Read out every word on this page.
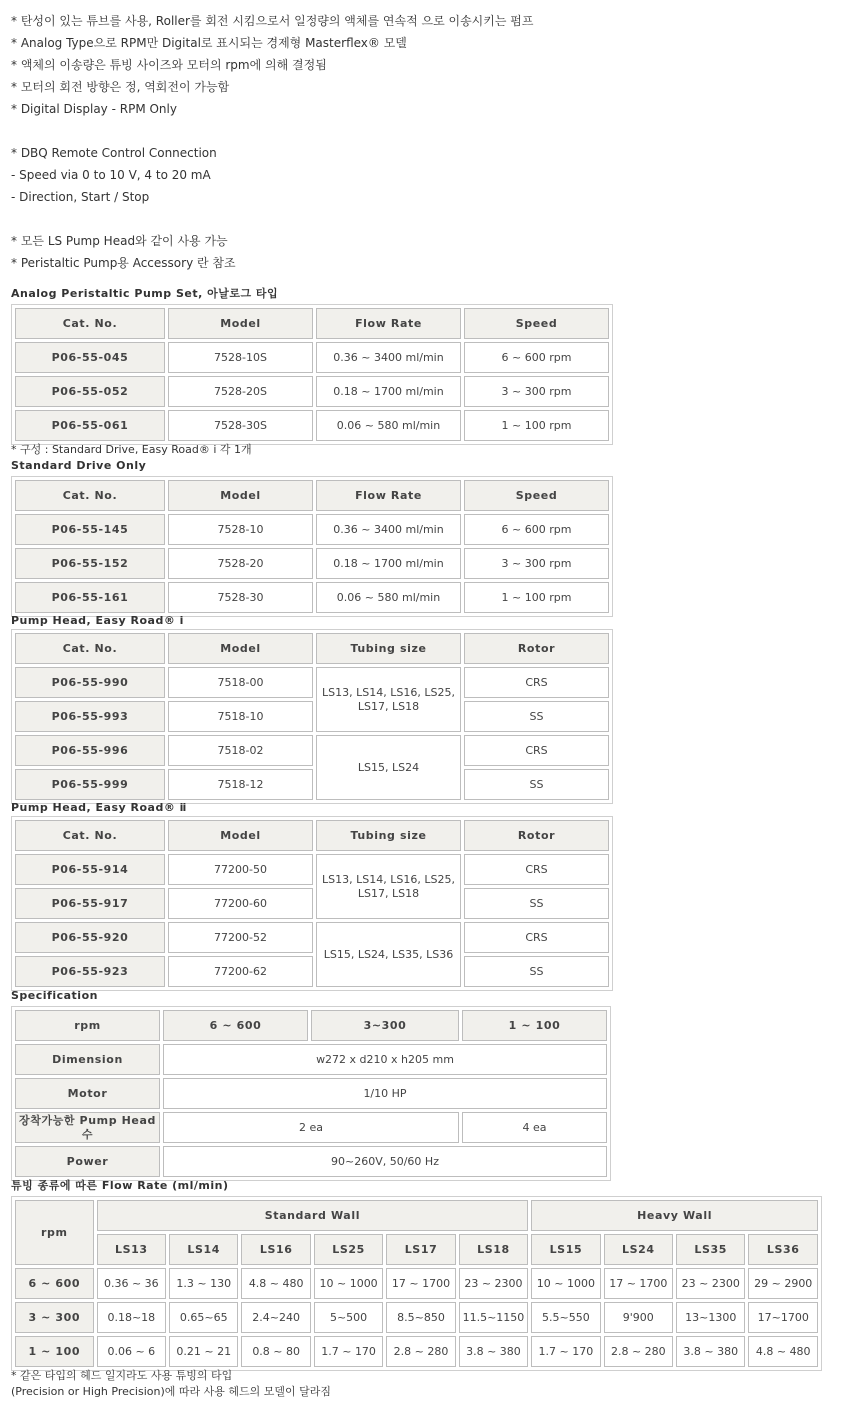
* 탄성이 있는 튜브를 사용, Roller를 회전 시킴으로서 일정량의 액체를 연속적 으로 이송시키는 펌프
* Analog Type으로 RPM만 Digital로 표시되는 경제형 Masterflex® 모델
* 액체의 이송량은 튜빙 사이즈와 모터의 rpm에 의해 결정됨
* 모터의 회전 방향은 정, 역회전이 가능함
* Digital Display - RPM Only
* DBQ Remote Control Connection
- Speed via 0 to 10 V, 4 to 20 mA
- Direction, Start / Stop
* 모든 LS Pump Head와 같이 사용 가능
* Peristaltic Pump용 Accessory 란 참조
Analog Peristaltic Pump Set, 아날로그 타입
Cat. No.	Model	Flow Rate	Speed
P06-55-045	7528-10S	0.36 ~ 3400 ml/min	6 ~ 600 rpm
P06-55-052	7528-20S	0.18 ~ 1700 ml/min	3 ~ 300 rpm
P06-55-061	7528-30S	0.06 ~ 580 ml/min	1 ~ 100 rpm
* 구성 : Standard Drive, Easy Road® ⅰ 각 1개
Standard Drive Only
Cat. No.	Model	Flow Rate	Speed
P06-55-145	7528-10	0.36 ~ 3400 ml/min	6 ~ 600 rpm
P06-55-152	7528-20	0.18 ~ 1700 ml/min	3 ~ 300 rpm
P06-55-161	7528-30	0.06 ~ 580 ml/min	1 ~ 100 rpm
Pump Head, Easy Road® ⅰ
Cat. No.	Model	Tubing size	Rotor
P06-55-990	7518-00	LS13, LS14, LS16, LS25, LS17, LS18	CRS
P06-55-993	7518-10		SS
P06-55-996	7518-02	LS15, LS24	CRS
P06-55-999	7518-12		SS
Pump Head, Easy Road® ⅱ
Cat. No.	Model	Tubing size	Rotor
P06-55-914	77200-50	LS13, LS14, LS16, LS25, LS17, LS18	CRS
P06-55-917	77200-60		SS
P06-55-920	77200-52	LS15, LS24, LS35, LS36	CRS
P06-55-923	77200-62		SS
Specification
rpm	6 ~ 600	3~300	1 ~ 100
Dimension	w272 x d210 x h205 mm		
Motor	1/10 HP		
장착가능한 Pump Head 수	2 ea		4 ea
Power	90~260V, 50/60 Hz		
튜빙 종류에 따른 Flow Rate (ml/min)
rpm	Standard Wall						Heavy Wall			
	LS13	LS14	LS16	LS25	LS17	LS18	LS15	LS24	LS35	LS36
6 ~ 600	0.36 ~ 36	1.3 ~ 130	4.8 ~ 480	10 ~ 1000	17 ~ 1700	23 ~ 2300	10 ~ 1000	17 ~ 1700	23 ~ 2300	29 ~ 2900
3 ~ 300	0.18~18	0.65~65	2.4~240	5~500	8.5~850	11.5~1150	5.5~550	9'900	13~1300	17~1700
1 ~ 100	0.06 ~ 6	0.21 ~ 21	0.8 ~ 80	1.7 ~ 170	2.8 ~ 280	3.8 ~ 380	1.7 ~ 170	2.8 ~ 280	3.8 ~ 380	4.8 ~ 480
* 같은 타입의 헤드 일지라도 사용 튜빙의 타입
(Precision or High Precision)에 따라 사용 헤드의 모델이 달라짐
